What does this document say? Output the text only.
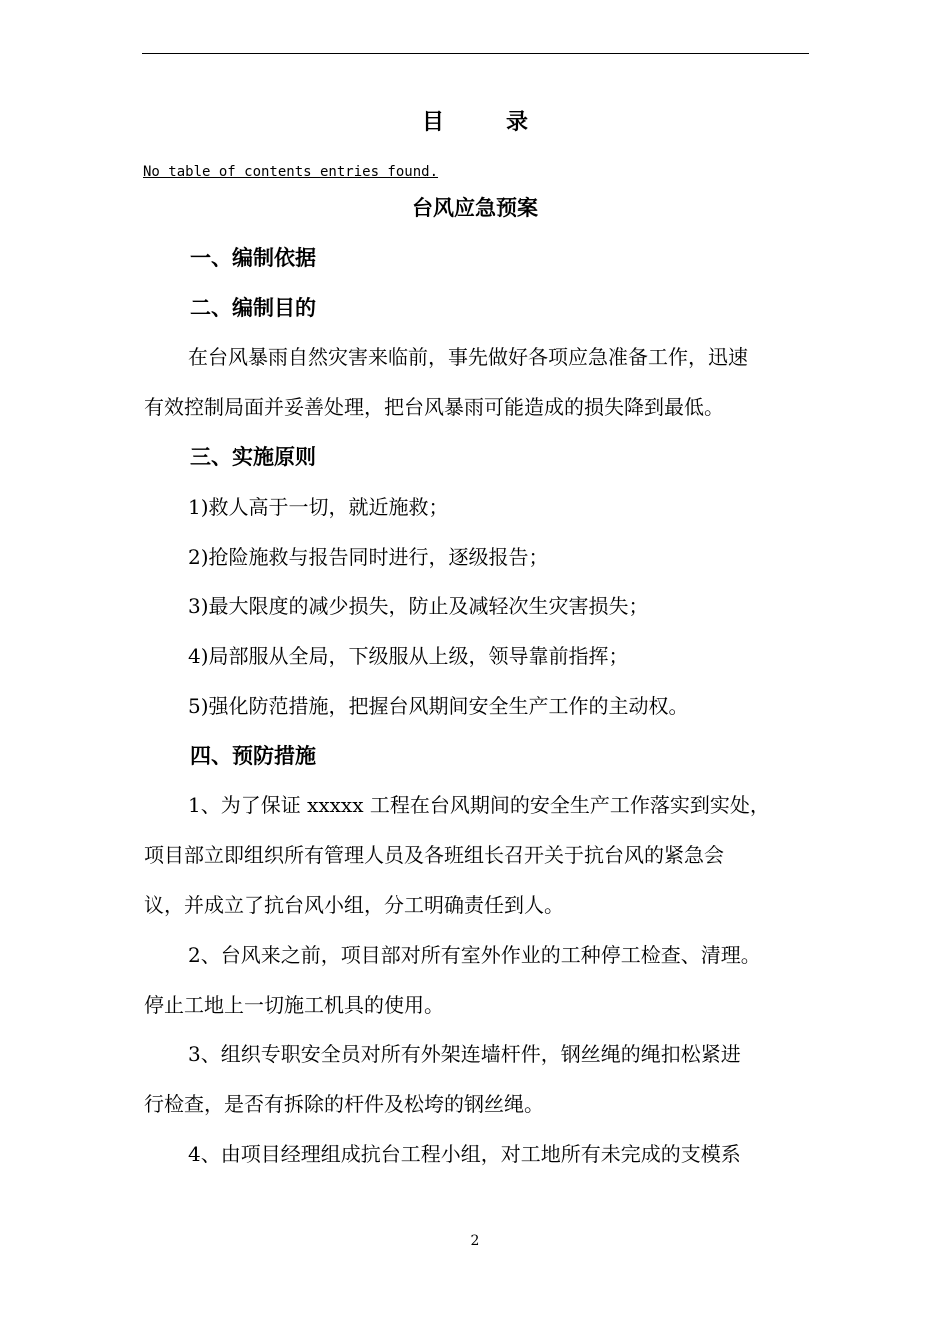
目录
No table of contents entries found.
台风应急预案
一、编制依据
二、编制目的
在台风暴雨自然灾害来临前，事先做好各项应急准备工作，迅速
有效控制局面并妥善处理，把台风暴雨可能造成的损失降到最低。
三、实施原则
1)救人高于一切，就近施救；
2)抢险施救与报告同时进行，逐级报告；
3)最大限度的减少损失，防止及减轻次生灾害损失；
4)局部服从全局，下级服从上级，领导靠前指挥；
5)强化防范措施，把握台风期间安全生产工作的主动权。
四、预防措施
1、为了保证 xxxxx 工程在台风期间的安全生产工作落实到实处，
项目部立即组织所有管理人员及各班组长召开关于抗台风的紧急会
议，并成立了抗台风小组，分工明确责任到人。
2、台风来之前，项目部对所有室外作业的工种停工检查、清理。
停止工地上一切施工机具的使用。
3、组织专职安全员对所有外架连墙杆件，钢丝绳的绳扣松紧进
行检查，是否有拆除的杆件及松垮的钢丝绳。
4、由项目经理组成抗台工程小组，对工地所有未完成的支模系
2
